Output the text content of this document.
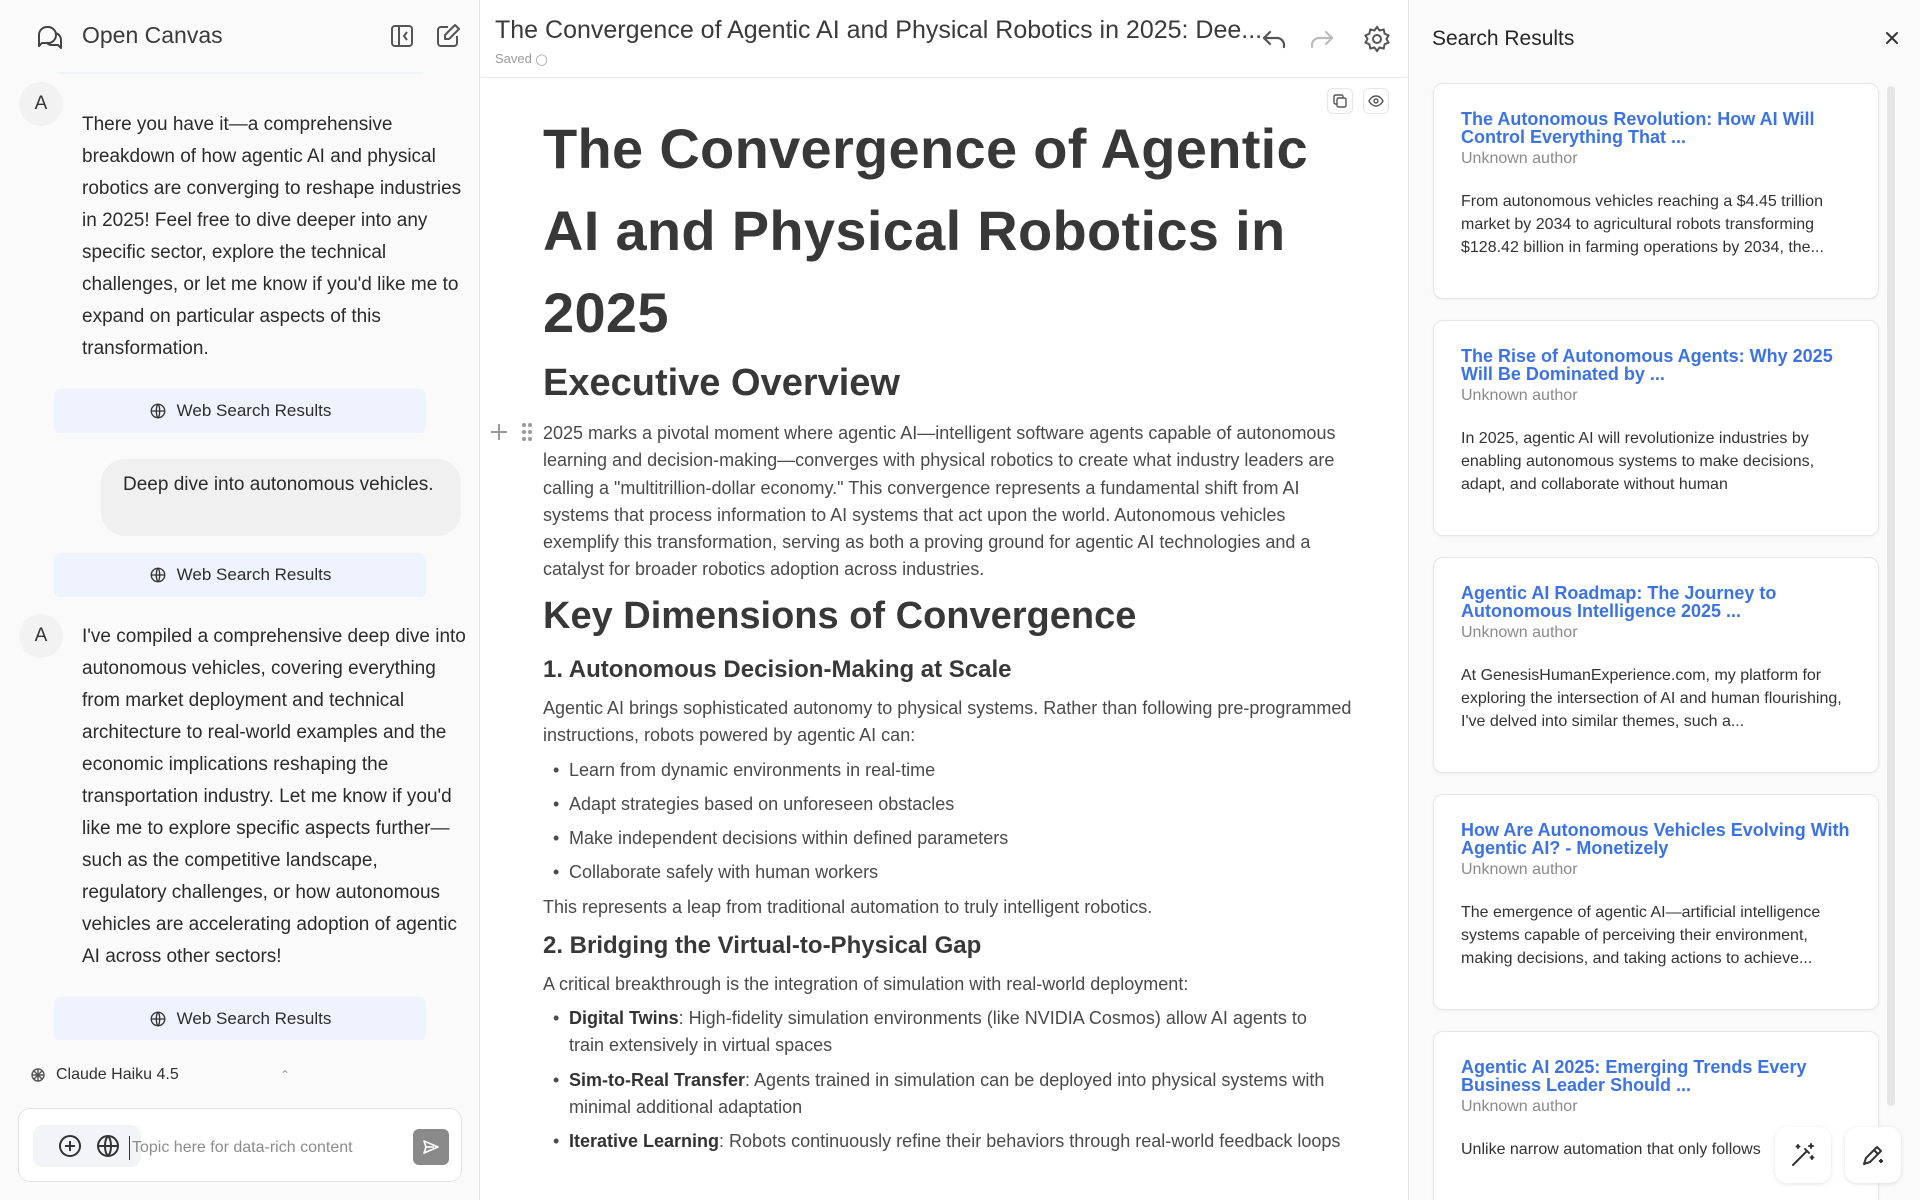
A
There you have it—a comprehensive breakdown of how agentic AI and physical robotics are converging to reshape industries in 2025! Feel free to dive deeper into any specific sector, explore the technical challenges, or let me know if you'd like me to expand on particular aspects of this transformation.
Web Search Results
Deep dive into autonomous vehicles.
Web Search Results
A	I've compiled a comprehensive deep dive into autonomous vehicles, covering everything from market deployment and technical architecture to real-world examples and the economic implications reshaping the transportation industry. Let me know if you'd like me to explore specific aspects further—such as the competitive landscape, regulatory challenges, or how autonomous vehicles are accelerating adoption of agentic AI across other sectors!
Web Search Results
Open Canvas
Claude Haiku 4.5	⌃

Topic here for data-rich content
The Convergence of Agentic AI and Physical Robotics in 2025: Dee...
Saved ◯
The Convergence of Agentic AI and Physical Robotics in 2025
Executive Overview
2025 marks a pivotal moment where agentic AI—intelligent software agents capable of autonomous learning and decision-making—converges with physical robotics to create what industry leaders are calling a "multitrillion-dollar economy." This convergence represents a fundamental shift from AI systems that process information to AI systems that act upon the world. Autonomous vehicles exemplify this transformation, serving as both a proving ground for agentic AI technologies and a catalyst for broader robotics adoption across industries.
Key Dimensions of Convergence
1. Autonomous Decision-Making at Scale
Agentic AI brings sophisticated autonomy to physical systems. Rather than following pre-programmed instructions, robots powered by agentic AI can:
• Learn from dynamic environments in real-time
• Adapt strategies based on unforeseen obstacles
• Make independent decisions within defined parameters
• Collaborate safely with human workers
This represents a leap from traditional automation to truly intelligent robotics.
2. Bridging the Virtual-to-Physical Gap
A critical breakthrough is the integration of simulation with real-world deployment:
• Digital Twins: High-fidelity simulation environments (like NVIDIA Cosmos) allow AI agents to train extensively in virtual spaces
• Sim-to-Real Transfer: Agents trained in simulation can be deployed into physical systems with minimal additional adaptation
• Iterative Learning: Robots continuously refine their behaviors through real-world feedback loops
Search Results
The Autonomous Revolution: How AI Will Control Everything That ...
Unknown author
From autonomous vehicles reaching a $4.45 trillion market by 2034 to agricultural robots transforming $128.42 billion in farming operations by 2034, the...
The Rise of Autonomous Agents: Why 2025 Will Be Dominated by ...
Unknown author
In 2025, agentic AI will revolutionize industries by enabling autonomous systems to make decisions, adapt, and collaborate without human
Agentic AI Roadmap: The Journey to Autonomous Intelligence 2025 ...
Unknown author
At GenesisHumanExperience.com, my platform for exploring the intersection of AI and human flourishing, I've delved into similar themes, such a...
How Are Autonomous Vehicles Evolving With Agentic AI? - Monetizely
Unknown author
The emergence of agentic AI—artificial intelligence systems capable of perceiving their environment, making decisions, and taking actions to achieve...
Agentic AI 2025: Emerging Trends Every Business Leader Should ...
Unknown author
Unlike narrow automation that only follows
